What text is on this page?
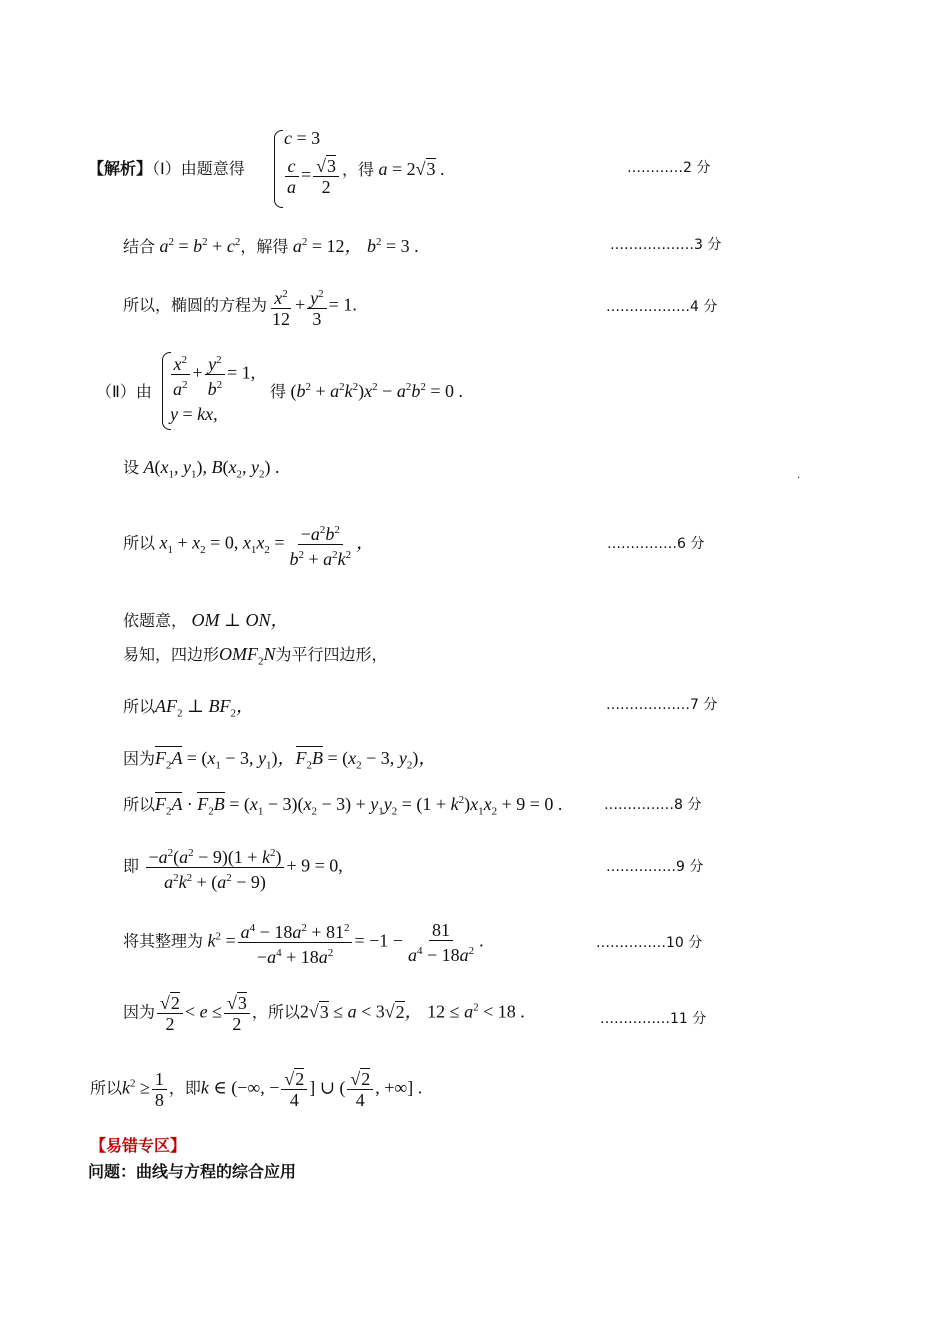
【解析】（Ⅰ）由题意得
c = 3
$\frac{c}{a} = \frac{√3}{2}$ ，得 a = 2√3 .	…………2 分
结合 $a^2 = b^2 + c^2$，解得 $a^2 = 12$， $b^2 = 3$ .	………………3 分
所以，椭圆的方程为 $\frac{x^2}{12} + \frac{y^2}{3} = 1$.	………………4 分
（Ⅱ）由 $\frac{x^2}{a^2} + \frac{y^2}{b^2} = 1$,
y = kx,
得 $(b^2 + a^2k^2)x^2 - a^2b^2 = 0$ .
设 $A(x_1$, $y_1$), $B(x_2$, $y_2$) .	.
所以 $x_1 + x_2 = 0$, $x_1x_2 = \frac{-a^2b^2}{b^2 + a^2k^2}$ ，	……………6 分
依题意， OM ⊥ ON，
易知，四边形$OMF_2N$为平行四边形，
所以$AF_2$ ⊥ $BF_2$，	………………7 分
因为$F_2A = (x_1 - 3$, $y_1$)，$F_2B = (x_2 - 3$, $y_2$)，
所以$F_2A \cdot F_2B = (x_1 - 3)(x_2 - 3) + y_1y_2 = (1 + k^2)x_1x_2 + 9 = 0$ .	……………8 分
即 $\frac{-a^2(a^2 - 9)(1 + k^2)}{a^2k^2 + (a^2 - 9)} + 9 = 0$,	……………9 分
将其整理为 $k^2 = \frac{a^4 - 18a^2 + 81^2}{-a^4 + 18a^2} = -1 - \frac{81}{a^4 - 18a^2}$ .	……………10 分
因为 $\frac{√2}{2} < e \le \frac{√3}{2}$ ，所以2√3 ≤ a < 3√2， $12 \le a^2 < 18$ .	……………11 分
所以$k^2 \ge \frac{1}{8}$ ，即k ∈ (−∞, − $\frac{√2}{4}$ ] ∪ ( $\frac{√2}{4}$ , +∞] .
【易错专区】
问题：曲线与方程的综合应用
